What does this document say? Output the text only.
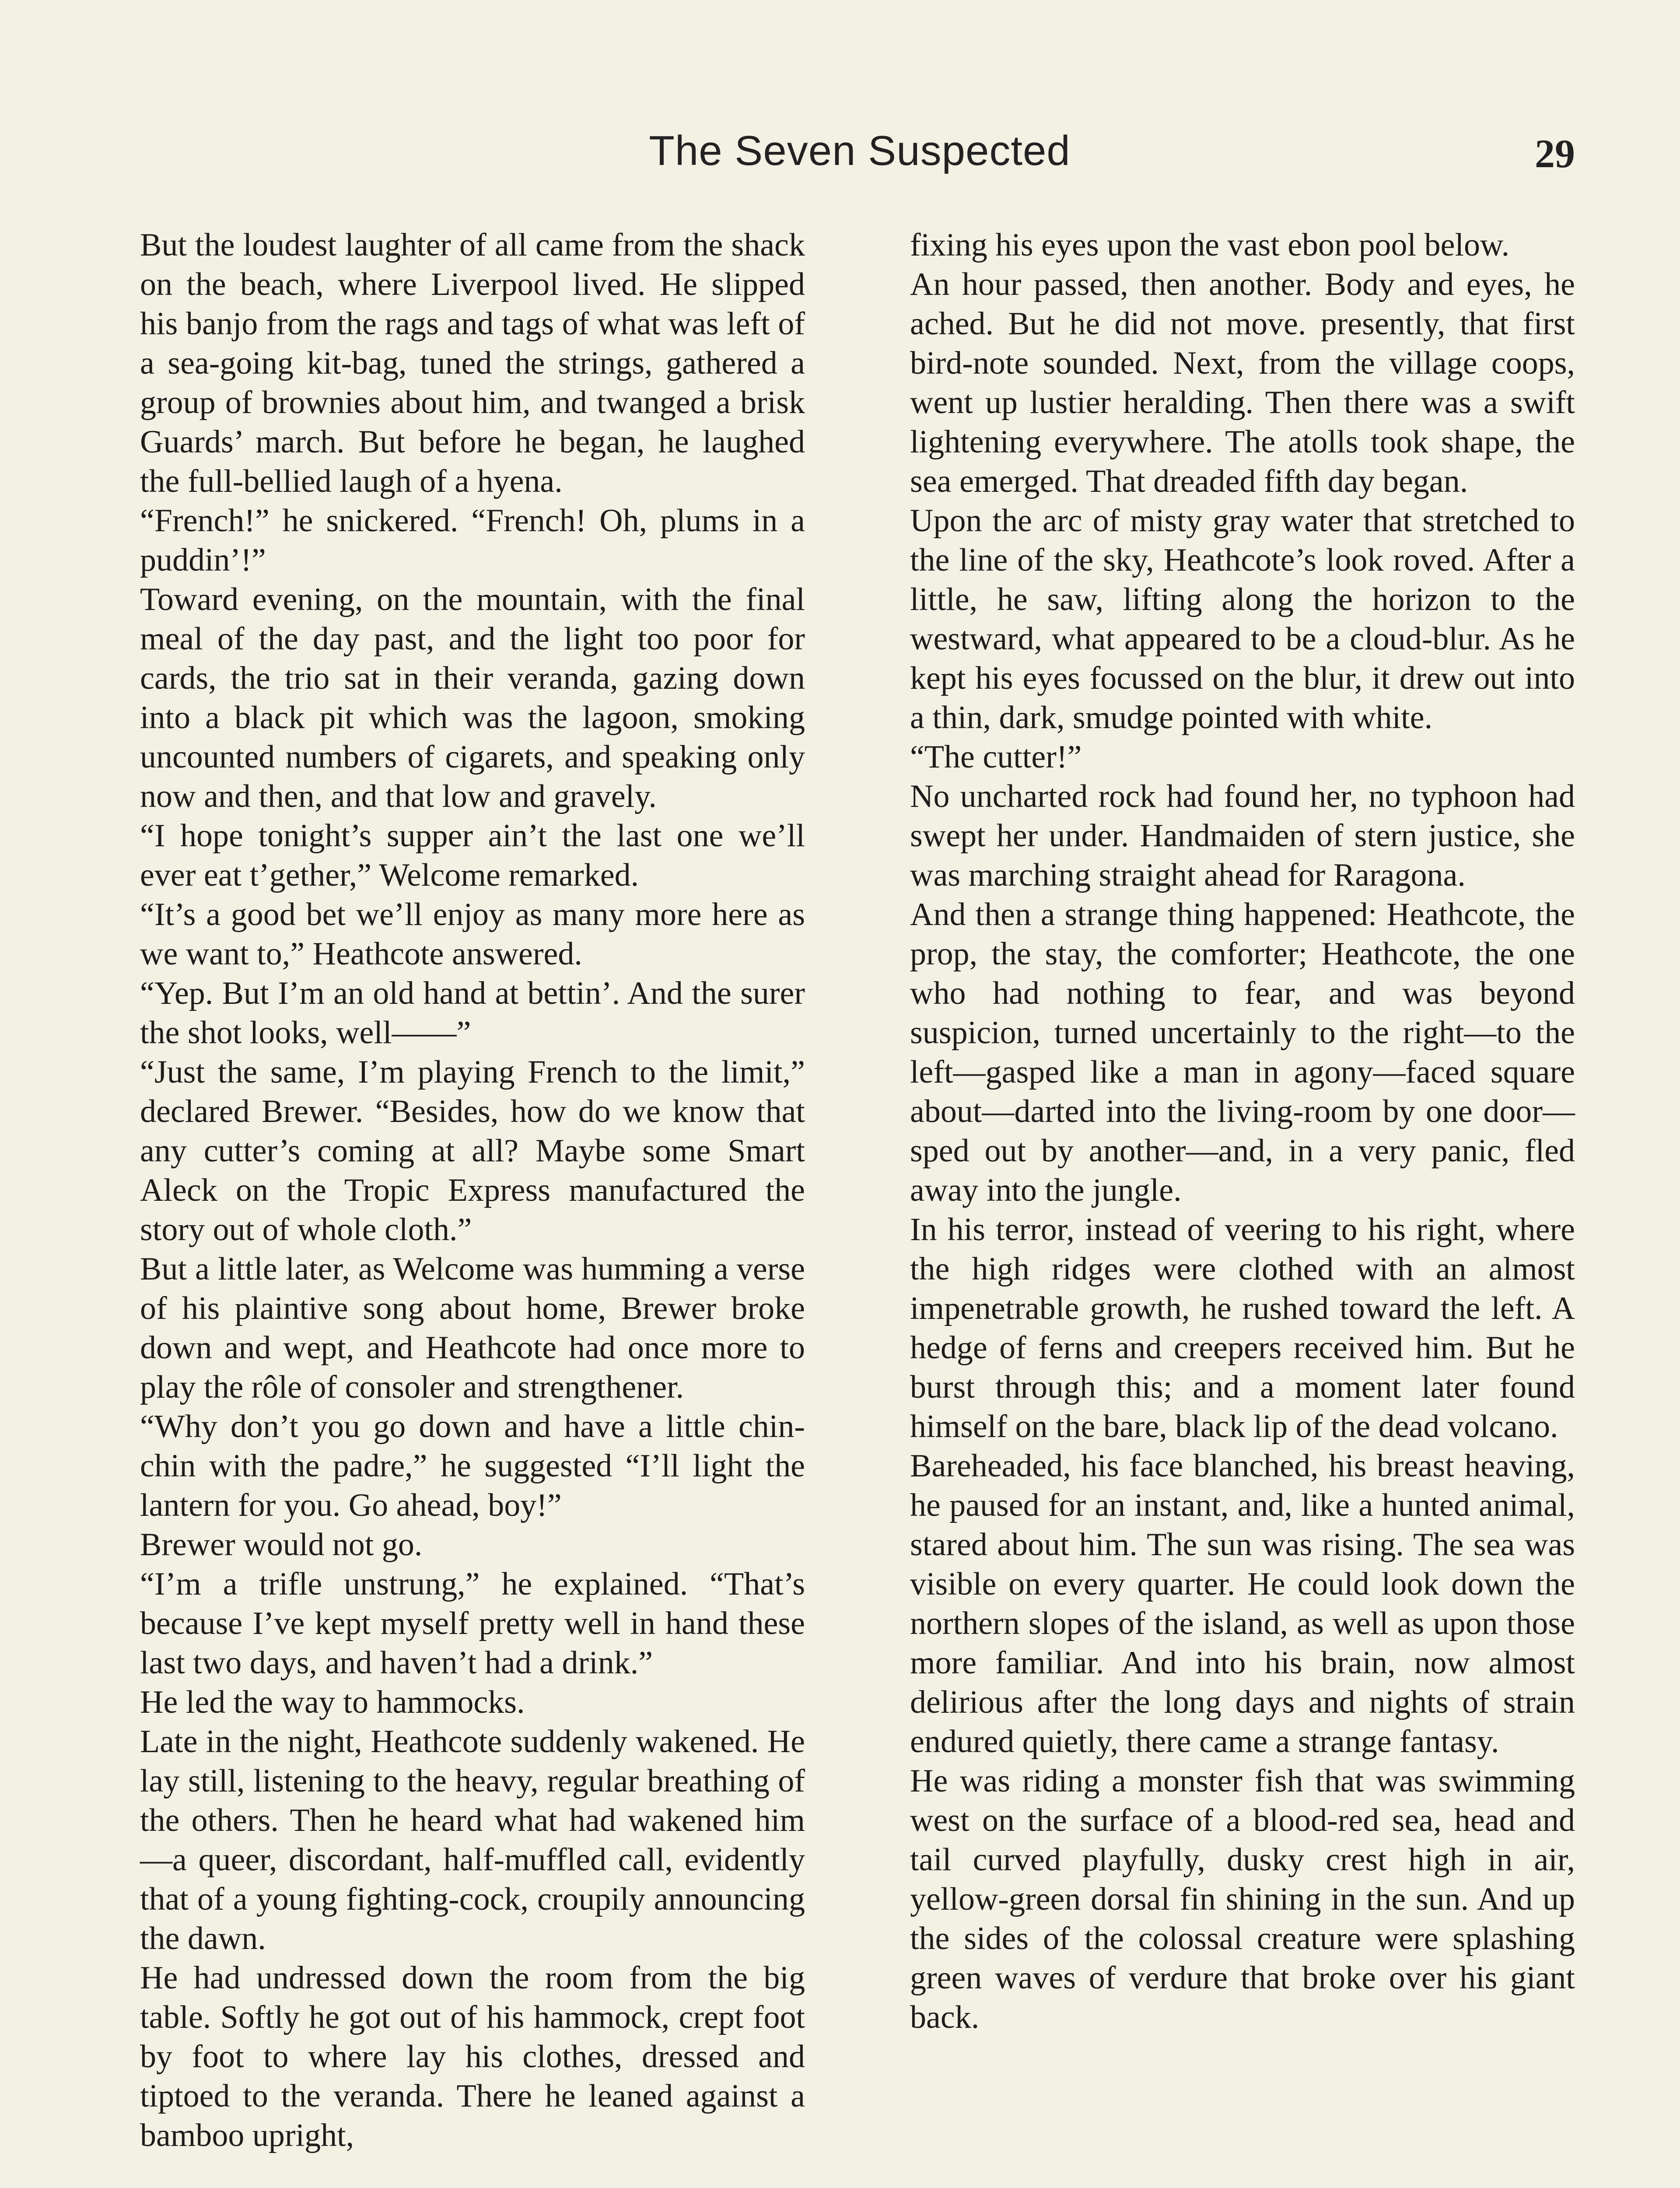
The Seven Suspected	29

But the loudest laughter of all came from the shack on the beach, where Liverpool lived. He slipped his banjo from the rags and tags of what was left of a sea-going kit-bag, tuned the strings, gathered a group of brownies about him, and twanged a brisk Guards’ march. But before he began, he laughed the full-bellied laugh of a hyena.

“French!” he snickered. “French! Oh, plums in a puddin’!”

Toward evening, on the mountain, with the final meal of the day past, and the light too poor for cards, the trio sat in their veranda, gazing down into a black pit which was the lagoon, smoking uncounted numbers of cigarets, and speaking only now and then, and that low and gravely.

“I hope tonight’s supper ain’t the last one we’ll ever eat t’gether,” Welcome remarked.

“It’s a good bet we’ll enjoy as many more here as we want to,” Heathcote answered.

“Yep. But I’m an old hand at bettin’. And the surer the shot looks, well——”

“Just the same, I’m playing French to the limit,” declared Brewer. “Besides, how do we know that any cutter’s coming at all? Maybe some Smart Aleck on the Tropic Express manufactured the story out of whole cloth.”

But a little later, as Welcome was humming a verse of his plaintive song about home, Brewer broke down and wept, and Heathcote had once more to play the rôle of consoler and strengthener.

“Why don’t you go down and have a little chin-chin with the padre,” he suggested “I’ll light the lantern for you. Go ahead, boy!”

Brewer would not go.

“I’m a trifle unstrung,” he explained. “That’s because I’ve kept myself pretty well in hand these last two days, and haven’t had a drink.”

He led the way to hammocks.

Late in the night, Heathcote suddenly wakened. He lay still, listening to the heavy, regular breathing of the others. Then he heard what had wakened him—a queer, discordant, half-muffled call, evidently that of a young fighting-cock, croupily announcing the dawn.

He had undressed down the room from the big table. Softly he got out of his hammock, crept foot by foot to where lay his clothes, dressed and tiptoed to the veranda. There he leaned against a bamboo upright,

fixing his eyes upon the vast ebon pool below.

An hour passed, then another. Body and eyes, he ached. But he did not move. presently, that first bird-note sounded. Next, from the village coops, went up lustier heralding. Then there was a swift lightening everywhere. The atolls took shape, the sea emerged. That dreaded fifth day began.

Upon the arc of misty gray water that stretched to the line of the sky, Heathcote’s look roved. After a little, he saw, lifting along the horizon to the westward, what appeared to be a cloud-blur. As he kept his eyes focussed on the blur, it drew out into a thin, dark, smudge pointed with white.

“The cutter!”

No uncharted rock had found her, no typhoon had swept her under. Handmaiden of stern justice, she was marching straight ahead for Raragona.

And then a strange thing happened: Heathcote, the prop, the stay, the comforter; Heathcote, the one who had nothing to fear, and was beyond suspicion, turned uncertainly to the right—to the left—gasped like a man in agony—faced square about—darted into the living-room by one door—sped out by another—and, in a very panic, fled away into the jungle.

In his terror, instead of veering to his right, where the high ridges were clothed with an almost impenetrable growth, he rushed toward the left. A hedge of ferns and creepers received him. But he burst through this; and a moment later found himself on the bare, black lip of the dead volcano.

Bareheaded, his face blanched, his breast heaving, he paused for an instant, and, like a hunted animal, stared about him. The sun was rising. The sea was visible on every quarter. He could look down the northern slopes of the island, as well as upon those more familiar. And into his brain, now almost delirious after the long days and nights of strain endured quietly, there came a strange fantasy.

He was riding a monster fish that was swimming west on the surface of a blood-red sea, head and tail curved playfully, dusky crest high in air, yellow-green dorsal fin shining in the sun. And up the sides of the colossal creature were splashing green waves of verdure that broke over his giant back.
